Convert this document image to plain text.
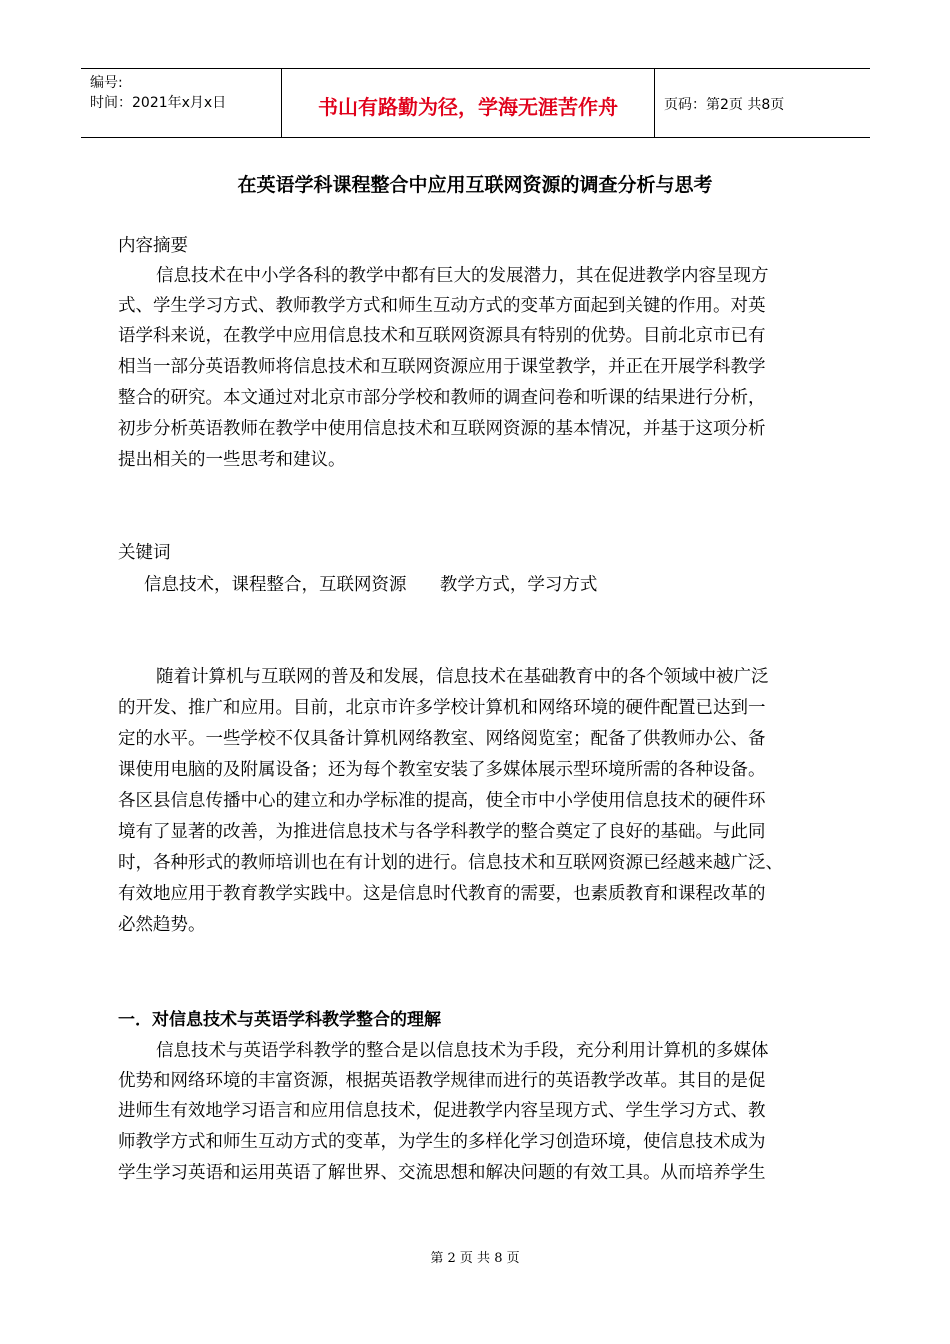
编号:
时间：2021年x月x日	书山有路勤为径，学海无涯苦作舟	页码：第2页 共8页
在英语学科课程整合中应用互联网资源的调查分析与思考
内容摘要
信息技术在中小学各科的教学中都有巨大的发展潜力，其在促进教学内容呈现方
式、学生学习方式、教师教学方式和师生互动方式的变革方面起到关键的作用。对英
语学科来说，在教学中应用信息技术和互联网资源具有特别的优势。目前北京市已有
相当一部分英语教师将信息技术和互联网资源应用于课堂教学，并正在开展学科教学
整合的研究。本文通过对北京市部分学校和教师的调查问卷和听课的结果进行分析，
初步分析英语教师在教学中使用信息技术和互联网资源的基本情况，并基于这项分析
提出相关的一些思考和建议。
关键词
信息技术，课程整合，互联网资源      教学方式，学习方式
随着计算机与互联网的普及和发展，信息技术在基础教育中的各个领域中被广泛
的开发、推广和应用。目前，北京市许多学校计算机和网络环境的硬件配置已达到一
定的水平。一些学校不仅具备计算机网络教室、网络阅览室；配备了供教师办公、备
课使用电脑的及附属设备；还为每个教室安装了多媒体展示型环境所需的各种设备。
各区县信息传播中心的建立和办学标准的提高，使全市中小学使用信息技术的硬件环
境有了显著的改善，为推进信息技术与各学科教学的整合奠定了良好的基础。与此同
时，各种形式的教师培训也在有计划的进行。信息技术和互联网资源已经越来越广泛、
有效地应用于教育教学实践中。这是信息时代教育的需要，也素质教育和课程改革的
必然趋势。
一．对信息技术与英语学科教学整合的理解
信息技术与英语学科教学的整合是以信息技术为手段，充分利用计算机的多媒体
优势和网络环境的丰富资源，根据英语教学规律而进行的英语教学改革。其目的是促
进师生有效地学习语言和应用信息技术，促进教学内容呈现方式、学生学习方式、教
师教学方式和师生互动方式的变革，为学生的多样化学习创造环境，使信息技术成为
学生学习英语和运用英语了解世界、交流思想和解决问题的有效工具。从而培养学生
第 2 页 共 8 页
